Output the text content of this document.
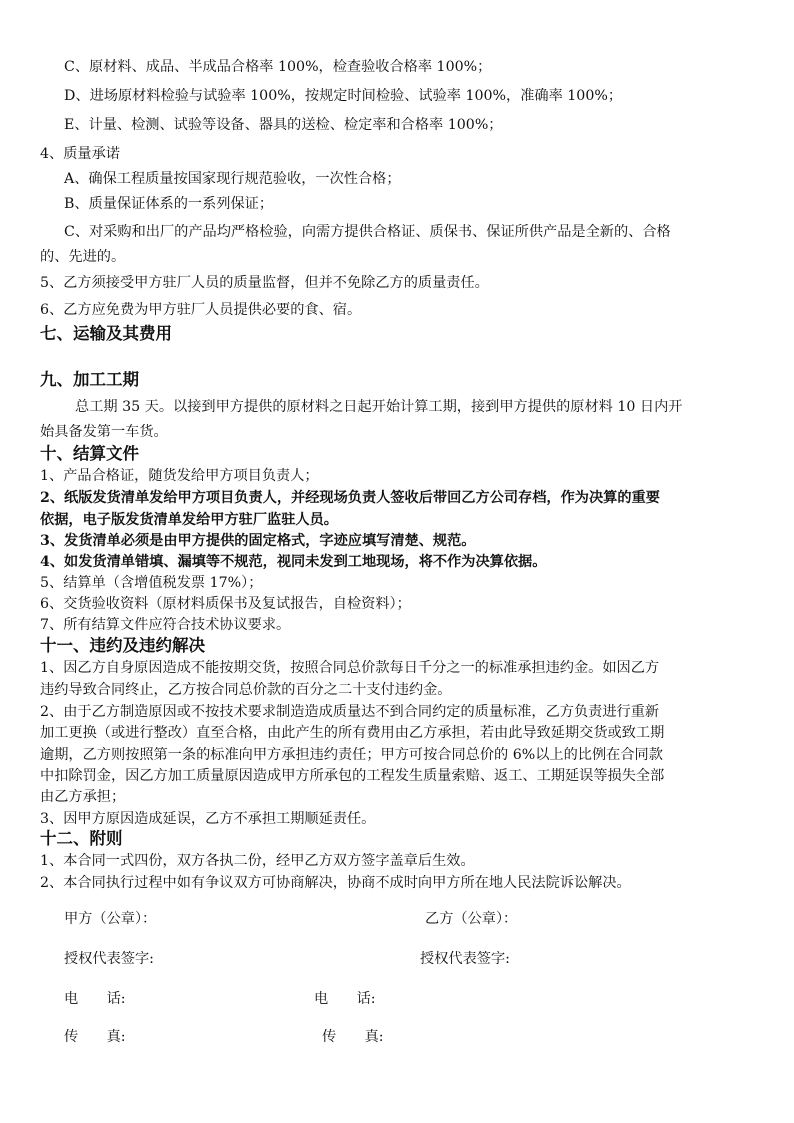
C、原材料、成品、半成品合格率 100%，检查验收合格率 100%；
D、进场原材料检验与试验率 100%，按规定时间检验、试验率 100%，准确率 100%；
E、计量、检测、试验等设备、器具的送检、检定率和合格率 100%；
4、质量承诺
A、确保工程质量按国家现行规范验收，一次性合格；
B、质量保证体系的一系列保证；
C、对采购和出厂的产品均严格检验，向需方提供合格证、质保书、保证所供产品是全新的、合格
的、先进的。
5、乙方须接受甲方驻厂人员的质量监督，但并不免除乙方的质量责任。
6、乙方应免费为甲方驻厂人员提供必要的食、宿。
七、运输及其费用
九、加工工期
总工期 35 天。以接到甲方提供的原材料之日起开始计算工期，接到甲方提供的原材料 10 日内开
始具备发第一车货。
十、结算文件
1、产品合格证，随货发给甲方项目负责人；
2、纸版发货清单发给甲方项目负责人，并经现场负责人签收后带回乙方公司存档，作为决算的重要
依据，电子版发货清单发给甲方驻厂监驻人员。
3、发货清单必须是由甲方提供的固定格式，字迹应填写清楚、规范。
4、如发货清单错填、漏填等不规范，视同未发到工地现场，将不作为决算依据。
5、结算单（含增值税发票 17%）；
6、交货验收资料（原材料质保书及复试报告，自检资料）；
7、所有结算文件应符合技术协议要求。
十一、违约及违约解决
1、因乙方自身原因造成不能按期交货，按照合同总价款每日千分之一的标准承担违约金。如因乙方
违约导致合同终止，乙方按合同总价款的百分之二十支付违约金。
2、由于乙方制造原因或不按技术要求制造造成质量达不到合同约定的质量标准，乙方负责进行重新
加工更换（或进行整改）直至合格，由此产生的所有费用由乙方承担，若由此导致延期交货或致工期
逾期，乙方则按照第一条的标准向甲方承担违约责任；甲方可按合同总价的 6%以上的比例在合同款
中扣除罚金，因乙方加工质量原因造成甲方所承包的工程发生质量索赔、返工、工期延误等损失全部
由乙方承担；
3、因甲方原因造成延误，乙方不承担工期顺延责任。
十二、附则
1、本合同一式四份，双方各执二份，经甲乙方双方签字盖章后生效。
2、本合同执行过程中如有争议双方可协商解决，协商不成时向甲方所在地人民法院诉讼解决。
甲方（公章）：	乙方（公章）：
授权代表签字:	授权代表签字:
电　　话:	电　　话:
传　　真:	传　　真:
